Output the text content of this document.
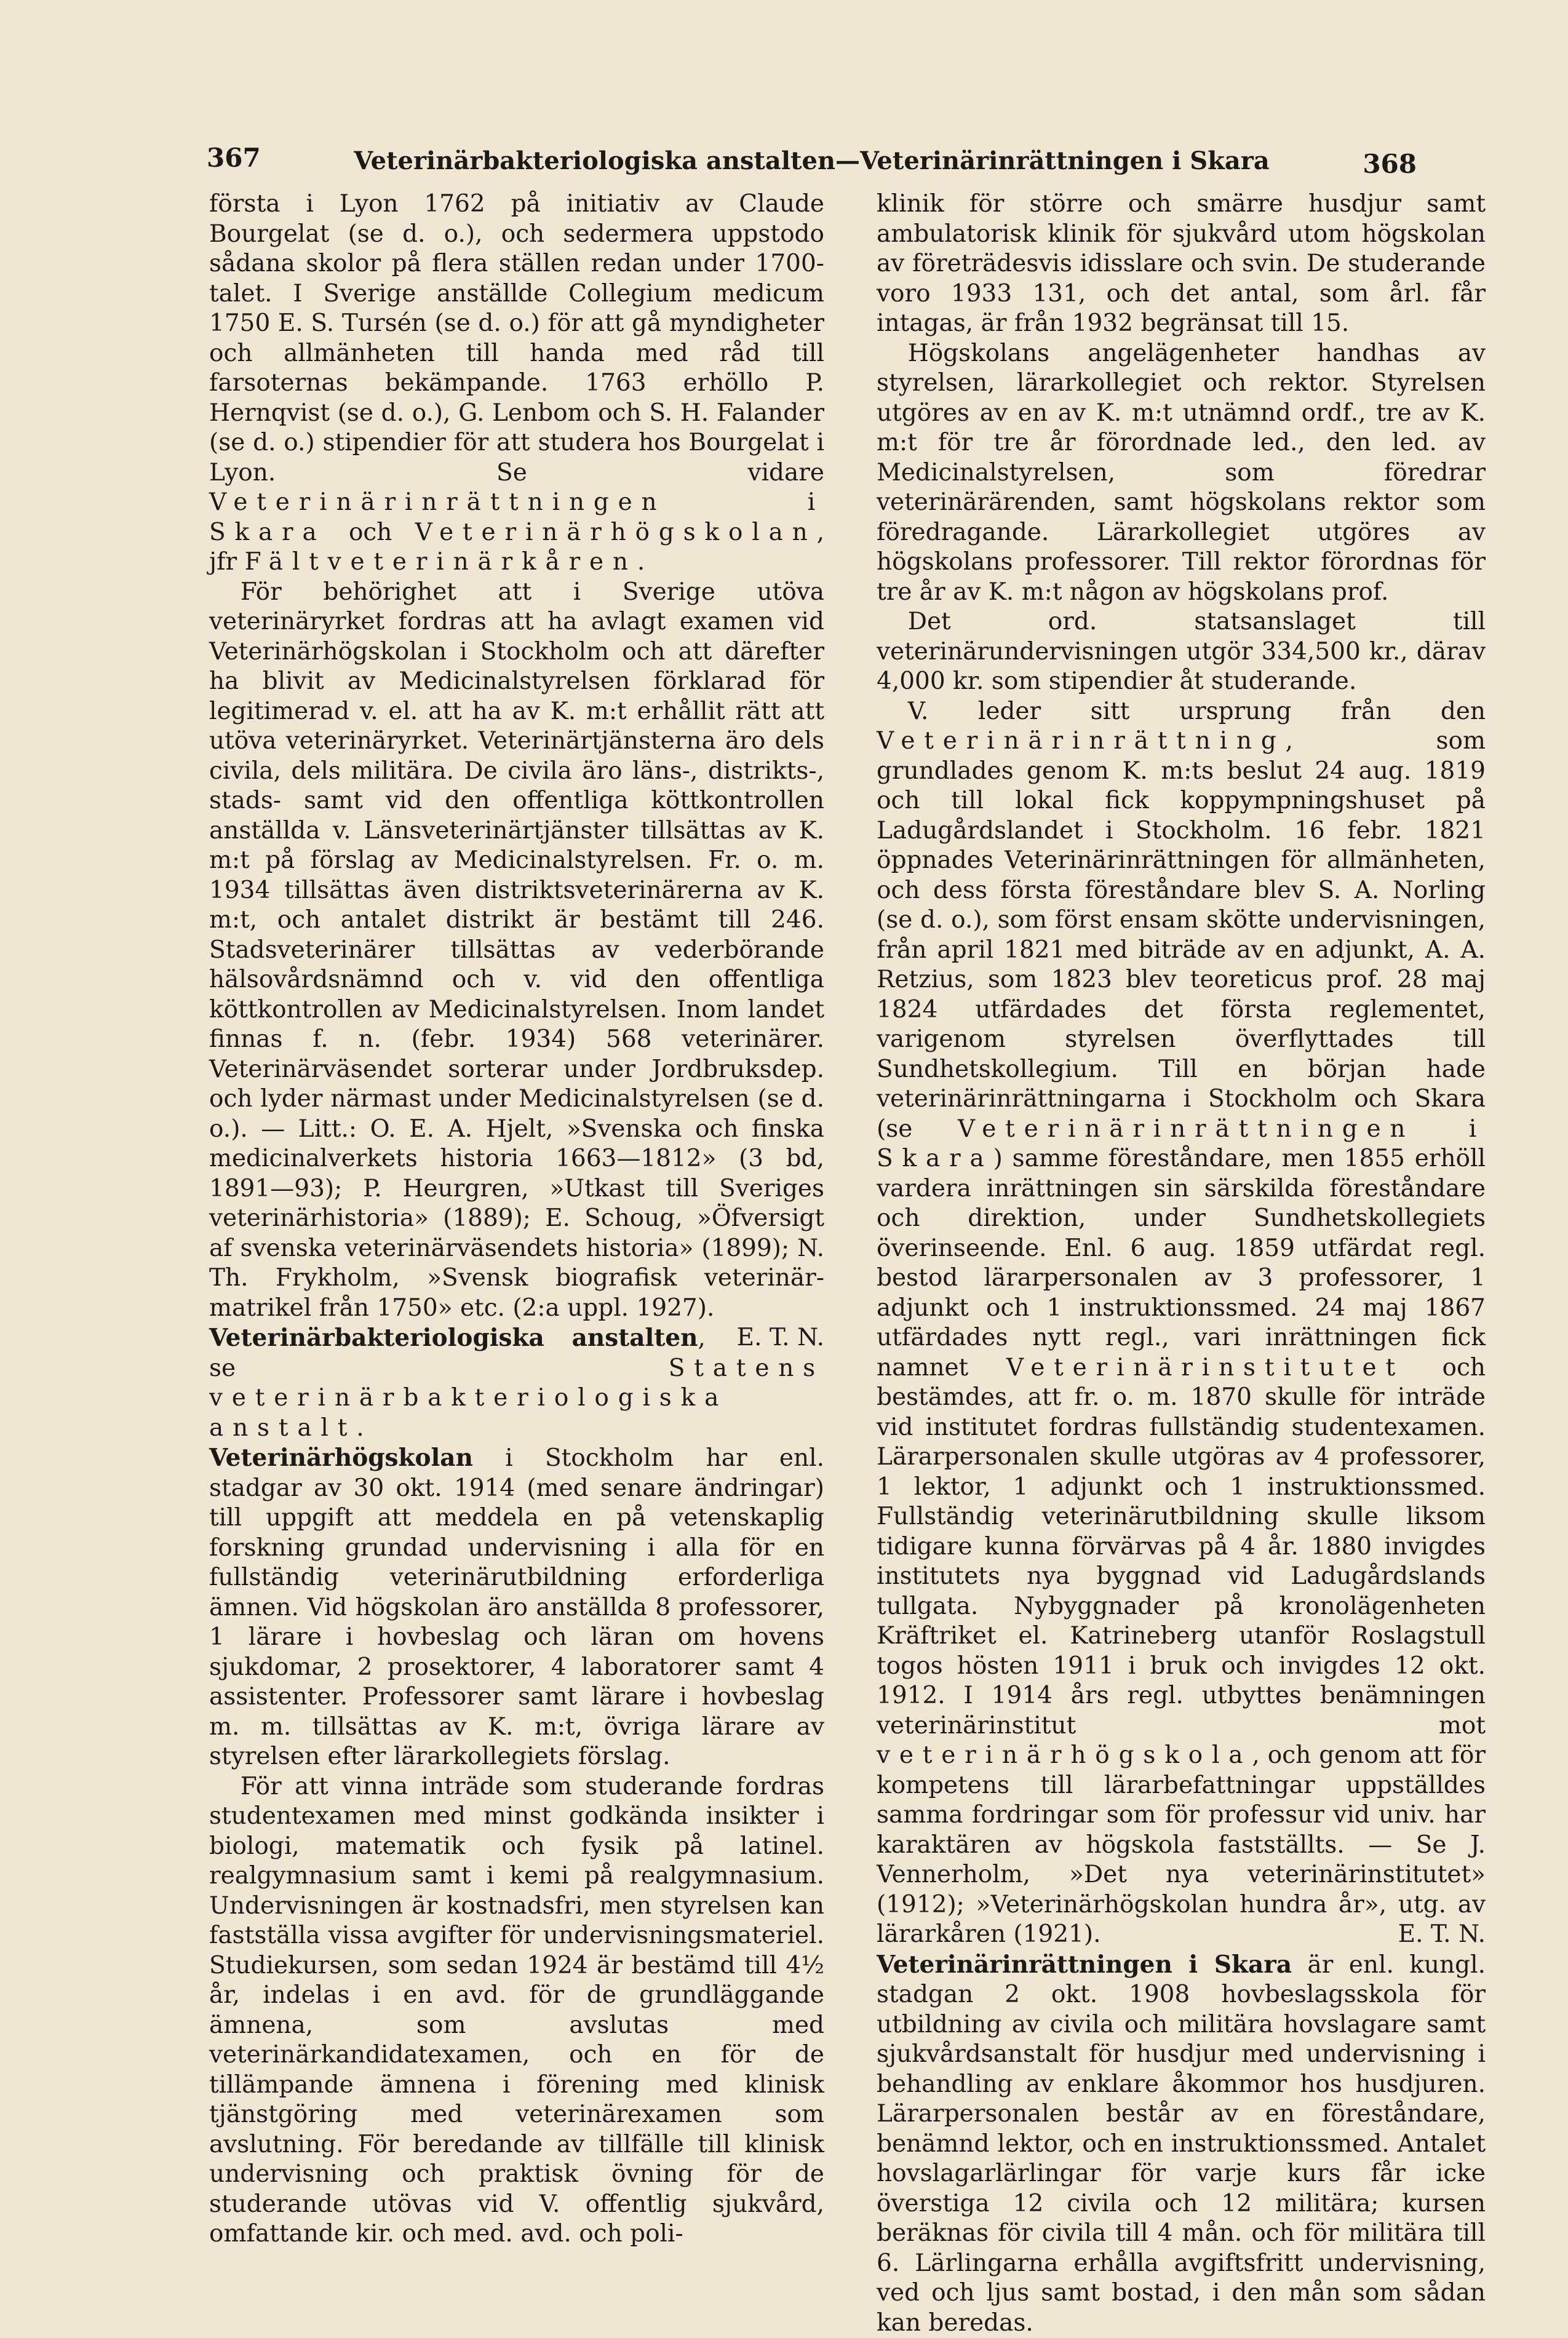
367	Veterinärbakteriologiska anstalten—Veterinärinrättningen i Skara	368

första i Lyon 1762 på initiativ av Claude Bourgelat (se d. o.), och sedermera uppstodo sådana skolor på flera ställen redan under 1700-talet. I Sverige anställde Collegium medicum 1750 E. S. Tursén (se d. o.) för att gå myndigheter och allmänheten till handa med råd till farsoternas bekämpande. 1763 erhöllo P. Hernqvist (se d. o.), G. Lenbom och S. H. Falander (se d. o.) stipendier för att studera hos Bourgelat i Lyon. Se vidare Veterinärinrättningen i Skara och Veterinärhögskolan, jfr Fältveterinärkåren.

För behörighet att i Sverige utöva veterinäryrket fordras att ha avlagt examen vid Veterinärhögskolan i Stockholm och att därefter ha blivit av Medicinalstyrelsen förklarad för legitimerad v. el. att ha av K. m:t erhållit rätt att utöva veterinäryrket. Veterinärtjänsterna äro dels civila, dels militära. De civila äro läns-, distrikts-, stads- samt vid den offentliga köttkontrollen anställda v. Länsveterinärtjänster tillsättas av K. m:t på förslag av Medicinalstyrelsen. Fr. o. m. 1934 tillsättas även distriktsveterinärerna av K. m:t, och antalet distrikt är bestämt till 246. Stadsveterinärer tillsättas av vederbörande hälsovårdsnämnd och v. vid den offentliga köttkontrollen av Medicinalstyrelsen. Inom landet finnas f. n. (febr. 1934) 568 veterinärer. Veterinärväsendet sorterar under Jordbruksdep. och lyder närmast under Medicinalstyrelsen (se d. o.). — Litt.: O. E. A. Hjelt, »Svenska och finska medicinalverkets historia 1663—1812» (3 bd, 1891—93); P. Heurgren, »Utkast till Sveriges veterinärhistoria» (1889); E. Schoug, »Öfversigt af svenska veterinärväsendets historia» (1899); N. Th. Frykholm, »Svensk biografisk veterinär-matrikel från 1750» etc. (2:a uppl. 1927).
E. T. N.

Veterinärbakteriologiska anstalten, se	Statens veterinärbakteriologiska anstalt.

Veterinärhögskolan i Stockholm har enl. stadgar av 30 okt. 1914 (med senare ändringar) till uppgift att meddela en på vetenskaplig forskning grundad undervisning i alla för en fullständig veterinärutbildning erforderliga ämnen. Vid högskolan äro anställda 8 professorer, 1 lärare i hovbeslag och läran om hovens sjukdomar, 2 prosektorer, 4 laboratorer samt 4 assistenter. Professorer samt lärare i hovbeslag m. m. tillsättas av K. m:t, övriga lärare av styrelsen efter lärarkollegiets förslag.

För att vinna inträde som studerande fordras studentexamen med minst godkända insikter i biologi, matematik och fysik på latinel. realgymnasium samt i kemi på realgymnasium. Undervisningen är kostnadsfri, men styrelsen kan fastställa vissa avgifter för undervisningsmateriel. Studiekursen, som sedan 1924 är bestämd till 4½ år, indelas i en avd. för de grundläggande ämnena, som avslutas med veterinärkandidatexamen, och en för de tillämpande ämnena i förening med klinisk tjänstgöring med veterinärexamen som avslutning. För beredande av tillfälle till klinisk undervisning och praktisk övning för de studerande utövas vid V. offentlig sjukvård, omfattande kir. och med. avd. och poli-

klinik för större och smärre husdjur samt ambulatorisk klinik för sjukvård utom högskolan av företrädesvis idisslare och svin. De studerande voro 1933 131, och det antal, som årl. får intagas, är från 1932 begränsat till 15.

Högskolans angelägenheter handhas av styrelsen, lärarkollegiet och rektor. Styrelsen utgöres av en av K. m:t utnämnd ordf., tre av K. m:t för tre år förordnade led., den led. av Medicinalstyrelsen, som föredrar veterinärärenden, samt högskolans rektor som föredragande. Lärarkollegiet utgöres av högskolans professorer. Till rektor förordnas för tre år av K. m:t någon av högskolans prof.

Det ord. statsanslaget till veterinärundervisningen utgör 334,500 kr., därav 4,000 kr. som stipendier åt studerande.

V. leder sitt ursprung från den Veterinärinrättning, som grundlades genom K. m:ts beslut 24 aug. 1819 och till lokal fick koppympningshuset på Ladugårdslandet i Stockholm. 16 febr. 1821 öppnades Veterinärinrättningen för allmänheten, och dess första föreståndare blev S. A. Norling (se d. o.), som först ensam skötte undervisningen, från april 1821 med biträde av en adjunkt, A. A. Retzius, som 1823 blev teoreticus prof. 28 maj 1824 utfärdades det första reglementet, varigenom styrelsen överflyttades till Sundhetskollegium. Till en början hade veterinärinrättningarna i Stockholm och Skara (se Veterinärinrättningen i Skara) samme föreståndare, men 1855 erhöll vardera inrättningen sin särskilda föreståndare och direktion, under Sundhetskollegiets överinseende. Enl. 6 aug. 1859 utfärdat regl. bestod lärarpersonalen av 3 professorer, 1 adjunkt och 1 instruktionssmed. 24 maj 1867 utfärdades nytt regl., vari inrättningen fick namnet Veterinärinstitutet och bestämdes, att fr. o. m. 1870 skulle för inträde vid institutet fordras fullständig studentexamen. Lärarpersonalen skulle utgöras av 4 professorer, 1 lektor, 1 adjunkt och 1 instruktionssmed. Fullständig veterinärutbildning skulle liksom tidigare kunna förvärvas på 4 år. 1880 invigdes institutets nya byggnad vid Ladugårdslands tullgata. Nybyggnader på kronolägenheten Kräftriket el. Katrineberg utanför Roslagstull togos hösten 1911 i bruk och invigdes 12 okt. 1912. I 1914 års regl. utbyttes benämningen veterinärinstitut mot veterinärhögskola, och genom att för kompetens till lärarbefattningar uppställdes samma fordringar som för professur vid univ. har karaktären av högskola fastställts. — Se J. Vennerholm, »Det nya veterinärinstitutet» (1912); »Veterinärhögskolan hundra år», utg. av lärarkåren (1921).	E. T. N.

Veterinärinrättningen i Skara är enl. kungl. stadgan 2 okt. 1908 hovbeslagsskola för utbildning av civila och militära hovslagare samt sjukvårdsanstalt för husdjur med undervisning i behandling av enklare åkommor hos husdjuren. Lärarpersonalen består av en föreståndare, benämnd lektor, och en instruktionssmed. Antalet hovslagarlärlingar för varje kurs får icke överstiga 12 civila och 12 militära; kursen beräknas för civila till 4 mån. och för militära till 6. Lärlingarna erhålla avgiftsfritt undervisning, ved och ljus samt bostad, i den mån som sådan kan beredas.
